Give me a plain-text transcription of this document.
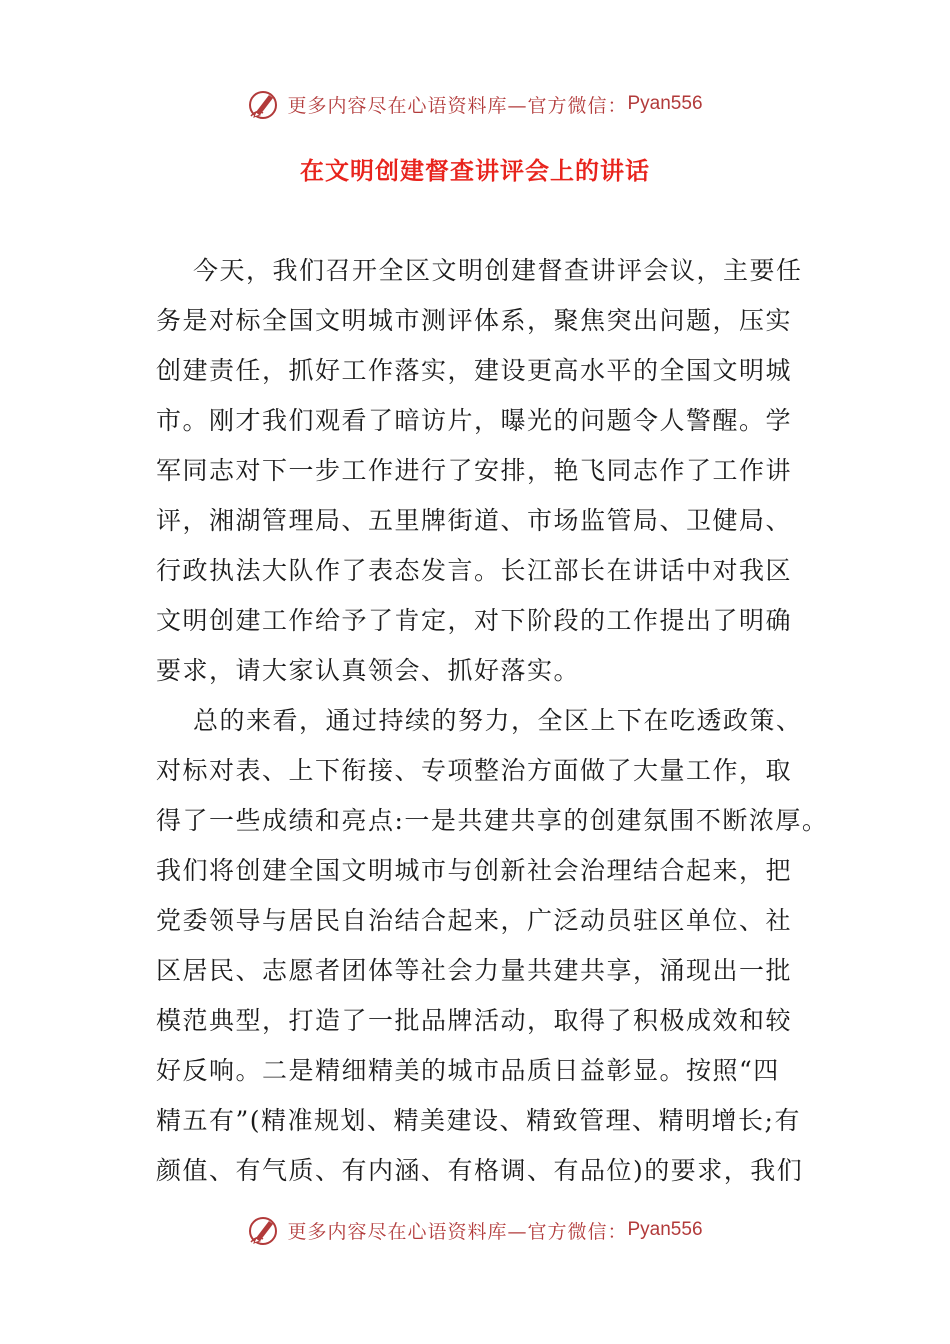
更多内容尽在心语资料库—官方微信： Pyan556
在文明创建督查讲评会上的讲话
今天，我们召开全区文明创建督查讲评会议，主要任
务是对标全国文明城市测评体系，聚焦突出问题，压实
创建责任，抓好工作落实，建设更高水平的全国文明城
市。刚才我们观看了暗访片，曝光的问题令人警醒。学
军同志对下一步工作进行了安排，艳飞同志作了工作讲
评，湘湖管理局、五里牌街道、市场监管局、卫健局、
行政执法大队作了表态发言。长江部长在讲话中对我区
文明创建工作给予了肯定，对下阶段的工作提出了明确
要求，请大家认真领会、抓好落实。
总的来看，通过持续的努力，全区上下在吃透政策、
对标对表、上下衔接、专项整治方面做了大量工作，取
得了一些成绩和亮点:一是共建共享的创建氛围不断浓厚。
我们将创建全国文明城市与创新社会治理结合起来，把
党委领导与居民自治结合起来，广泛动员驻区单位、社
区居民、志愿者团体等社会力量共建共享，涌现出一批
模范典型，打造了一批品牌活动，取得了积极成效和较
好反响。二是精细精美的城市品质日益彰显。按照“四
精五有”(精准规划、精美建设、精致管理、精明增长;有
颜值、有气质、有内涵、有格调、有品位)的要求，我们
更多内容尽在心语资料库—官方微信： Pyan556
